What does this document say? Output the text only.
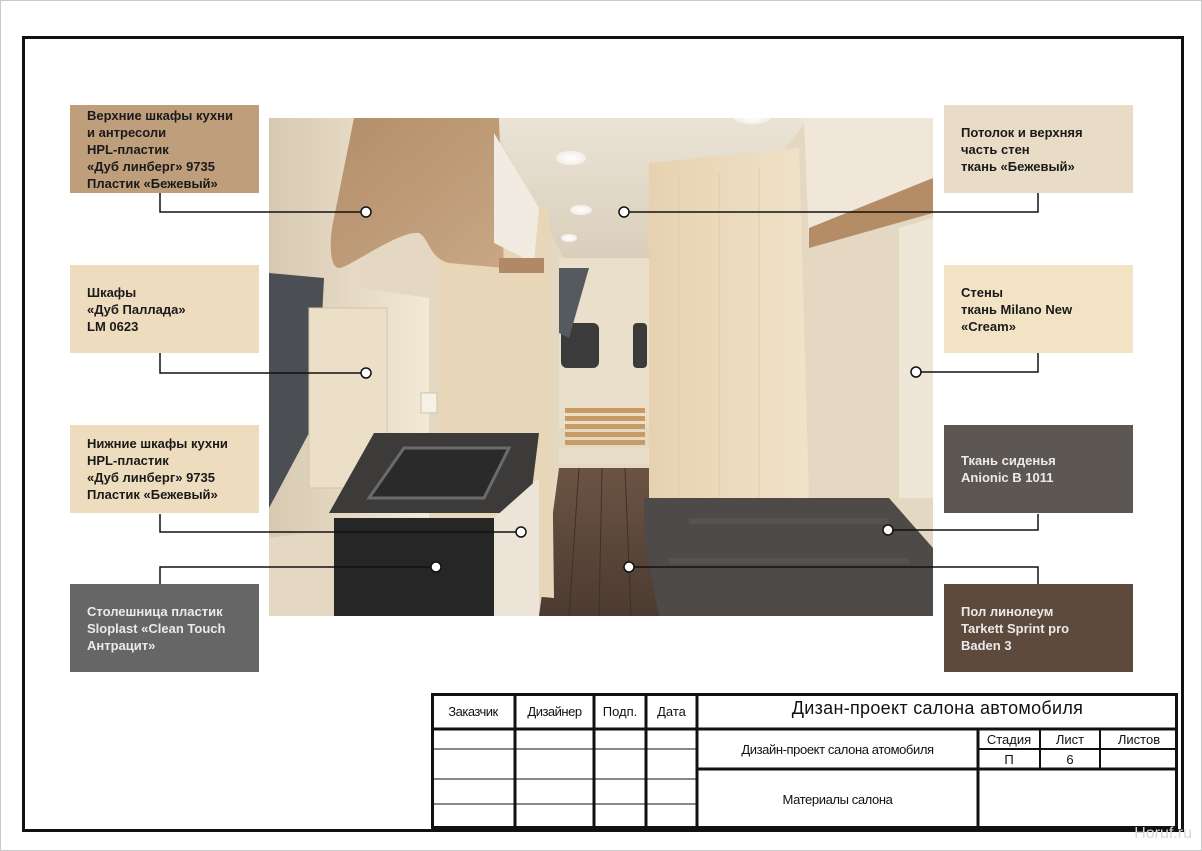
Верхние шкафы кухни
и антресоли
HPL-пластик
«Дуб линберг» 9735
Пластик «Бежевый»
Шкафы
«Дуб Паллада»
LM 0623
Нижние шкафы кухни
HPL-пластик
«Дуб линберг» 9735
Пластик «Бежевый»
Столешница пластик
Sloplast «Clean Touch
Антрацит»
Потолок и верхняя
часть стен
ткань «Бежевый»
Стены
ткань Milano New
«Cream»
Ткань сиденья
Anionic B 1011
Пол линолеум
Tarkett Sprint pro
Baden 3
Заказчик	Дизайнер	Подп.	Дата	Дизан-проект салона автомобиля
Дизайн-проект салона атомобиля
Стадия	Лист	Листов
П	6
Материалы салона
Horuf.ru
